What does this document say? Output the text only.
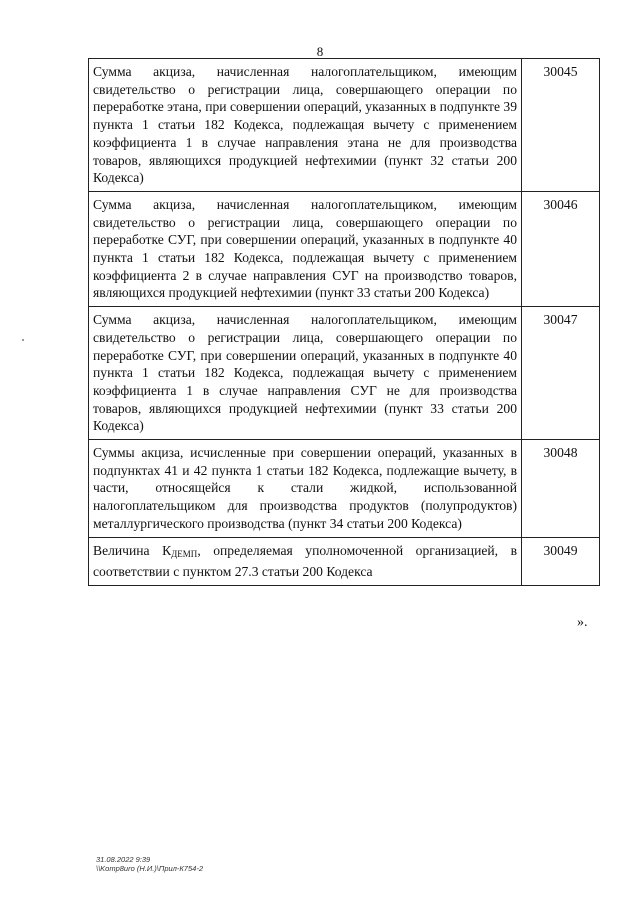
8
Сумма акциза, начисленная налогоплательщиком, имеющим свидетельство о регистрации лица, совершающего операции по переработке этана, при совершении операций, указанных в подпункте 39 пункта 1 статьи 182 Кодекса, подлежащая вычету с применением коэффициента 1 в случае направления этана не для производства товаров, являющихся продукцией нефтехимии (пункт 32 статьи 200 Кодекса)	30045
Сумма акциза, начисленная налогоплательщиком, имеющим свидетельство о регистрации лица, совершающего операции по переработке СУГ, при совершении операций, указанных в подпункте 40 пункта 1 статьи 182 Кодекса, подлежащая вычету с применением коэффициента 2 в случае направления СУГ на производство товаров, являющихся продукцией нефтехимии (пункт 33 статьи 200 Кодекса)	30046
Сумма акциза, начисленная налогоплательщиком, имеющим свидетельство о регистрации лица, совершающего операции по переработке СУГ, при совершении операций, указанных в подпункте 40 пункта 1 статьи 182 Кодекса, подлежащая вычету с применением коэффициента 1 в случае направления СУГ не для производства товаров, являющихся продукцией нефтехимии (пункт 33 статьи 200 Кодекса)	30047
Суммы акциза, исчисленные при совершении операций, указанных в подпунктах 41 и 42 пункта 1 статьи 182 Кодекса, подлежащие вычету, в части, относящейся к стали жидкой, использованной налогоплательщиком для производства продуктов (полупродуктов) металлургического производства (пункт 34 статьи 200 Кодекса)	30048
Величина $К_{ДЕМП}$, определяемая уполномоченной организацией, в соответствии с пунктом 27.3 статьи 200 Кодекса	30049
».
31.08.2022 9:39
\\Komp8uro (Н.И.)\Прил-К754-2
